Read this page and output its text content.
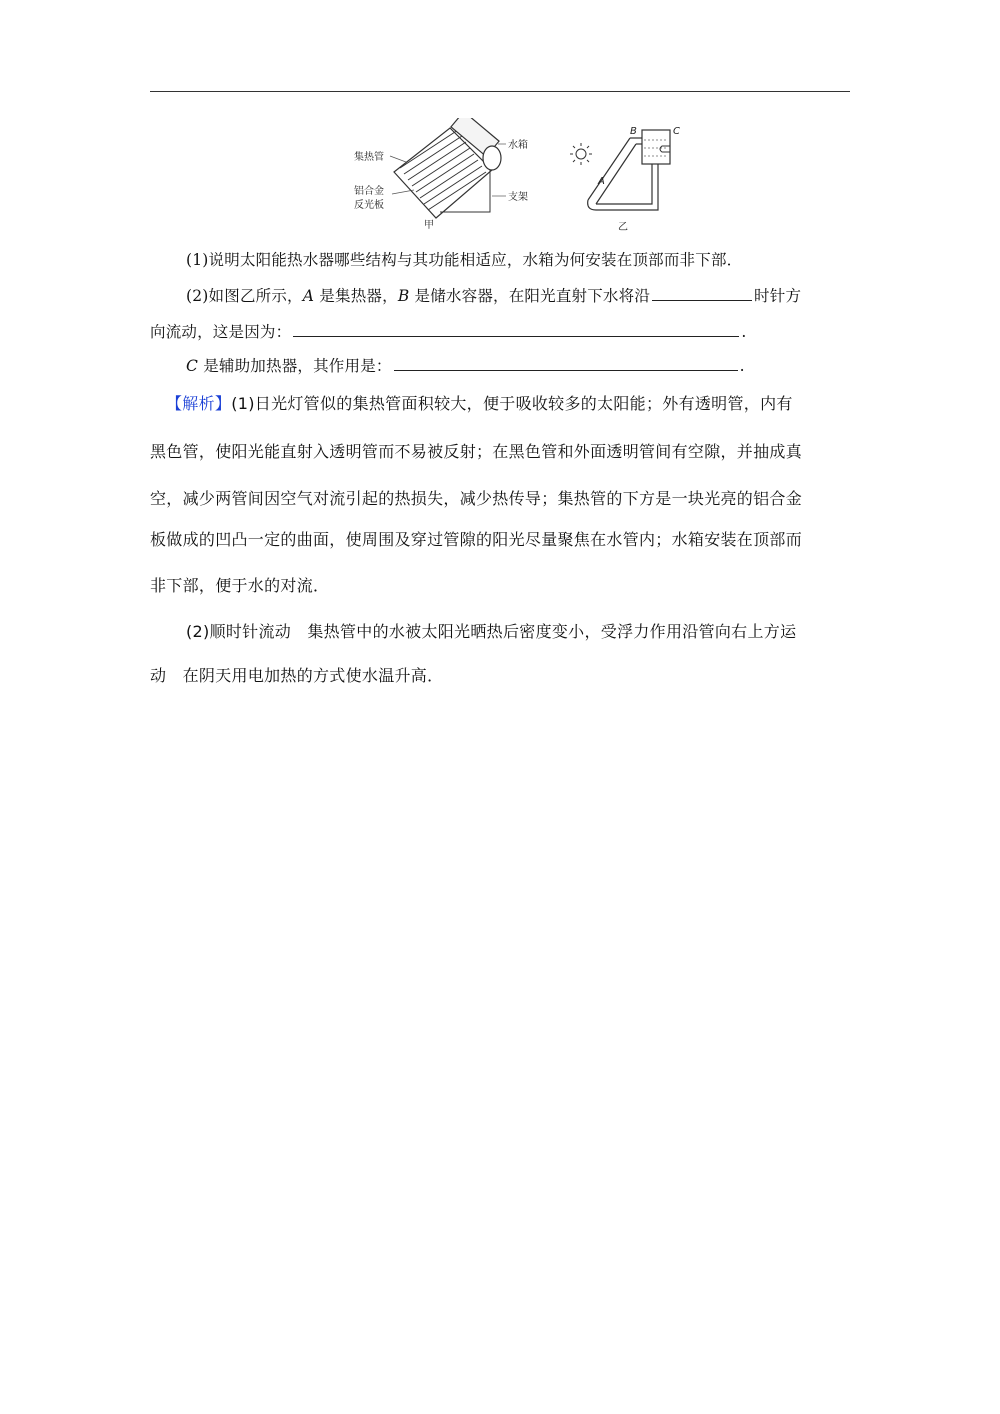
集热管
铝合金
反光板
水箱
支架
甲
A
B	C
乙
(1)说明太阳能热水器哪些结构与其功能相适应，水箱为何安装在顶部而非下部．
(2)如图乙所示，A 是集热器，B 是储水容器，在阳光直射下水将沿	时针方
向流动，这是因为：	.
C 是辅助加热器，其作用是：	.
【解析】(1)日光灯管似的集热管面积较大，便于吸收较多的太阳能；外有透明管，内有
黑色管，使阳光能直射入透明管而不易被反射；在黑色管和外面透明管间有空隙，并抽成真
空，减少两管间因空气对流引起的热损失，减少热传导；集热管的下方是一块光亮的铝合金
板做成的凹凸一定的曲面，使周围及穿过管隙的阳光尽量聚焦在水管内；水箱安装在顶部而
非下部，便于水的对流．
(2)顺时针流动　集热管中的水被太阳光晒热后密度变小，受浮力作用沿管向右上方运
动　在阴天用电加热的方式使水温升高．
